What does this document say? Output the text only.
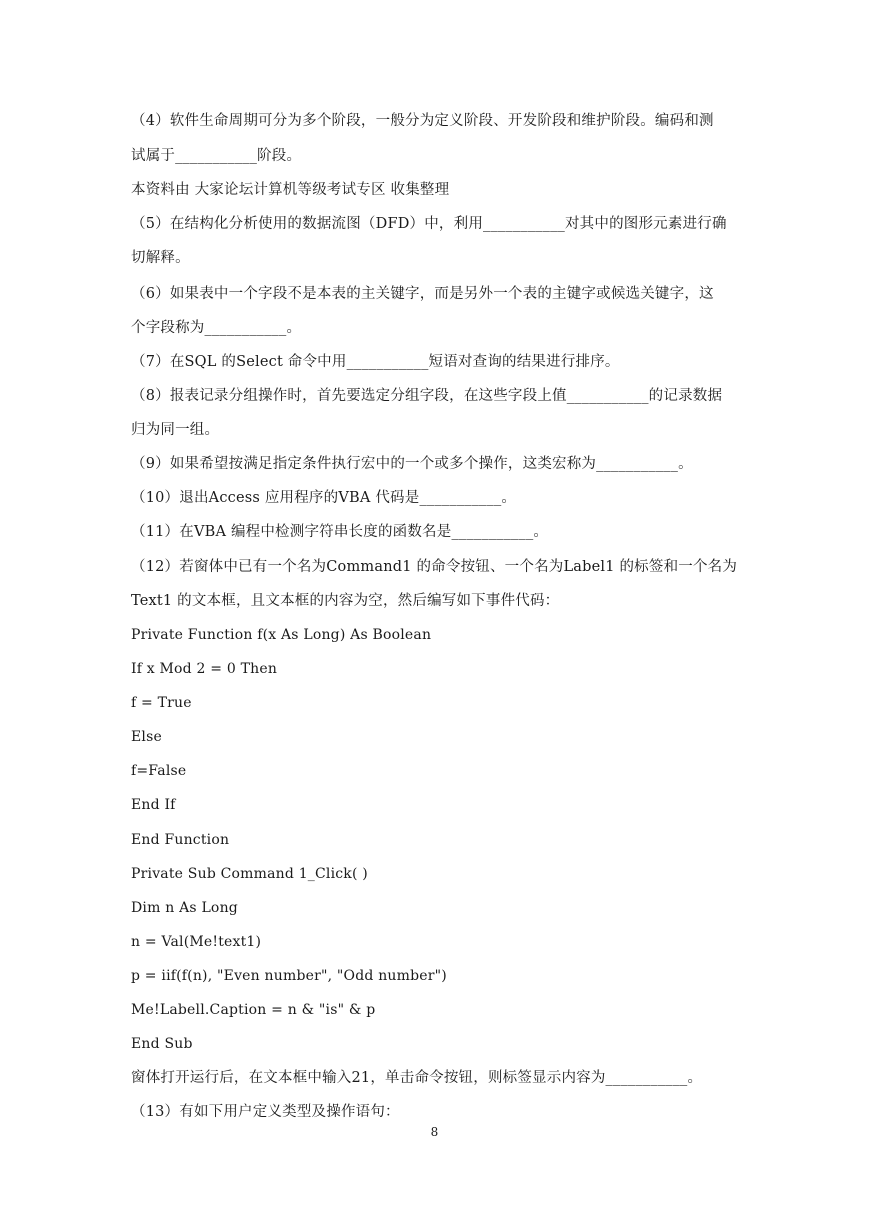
（4）软件生命周期可分为多个阶段，一般分为定义阶段、开发阶段和维护阶段。编码和测
试属于___________阶段。
本资料由 大家论坛计算机等级考试专区 收集整理
（5）在结构化分析使用的数据流图（DFD）中，利用___________对其中的图形元素进行确
切解释。
（6）如果表中一个字段不是本表的主关键字，而是另外一个表的主键字或候选关键字，这
个字段称为___________。
（7）在SQL 的Select 命令中用___________短语对查询的结果进行排序。
（8）报表记录分组操作时，首先要选定分组字段，在这些字段上值___________的记录数据
归为同一组。
（9）如果希望按满足指定条件执行宏中的一个或多个操作，这类宏称为___________。
（10）退出Access 应用程序的VBA 代码是___________。
（11）在VBA 编程中检测字符串长度的函数名是___________。
（12）若窗体中已有一个名为Command1 的命令按钮、一个名为Label1 的标签和一个名为
Text1 的文本框，且文本框的内容为空，然后编写如下事件代码：
Private Function f(x As Long) As Boolean
If x Mod 2 = 0 Then
f = True
Else
f=False
End If
End Function
Private Sub Command 1_Click( )
Dim n As Long
n = Val(Me!text1)
p = iif(f(n), "Even number", "Odd number")
Me!Labell.Caption = n & "is" & p
End Sub
窗体打开运行后，在文本框中输入21，单击命令按钮，则标签显示内容为___________。
（13）有如下用户定义类型及操作语句：
8
